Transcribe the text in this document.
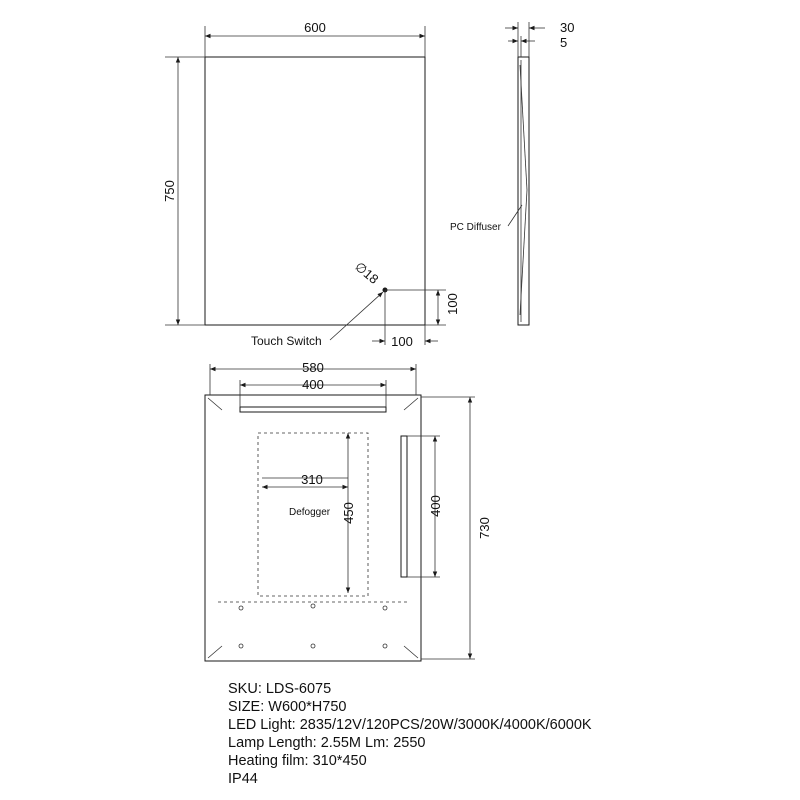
600
750
∅18
100
100
Touch Switch
30
5
PC Diffuser
580
400
730
310
450
Defogger	400
SKU: LDS-6075
SIZE: W600*H750
LED Light: 2835/12V/120PCS/20W/3000K/4000K/6000K
Lamp Length: 2.55M Lm: 2550
Heating film: 310*450
IP44
